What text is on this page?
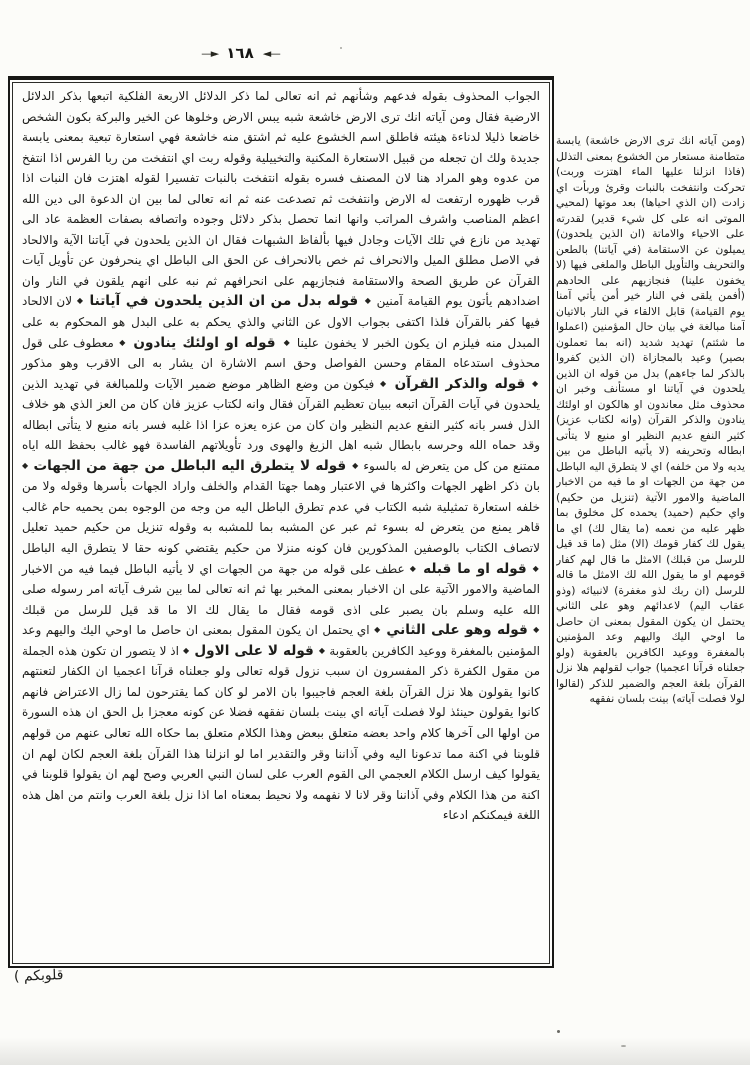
―► ١٦٨ ◄―
الجواب المحذوف بقوله فدعهم وشأنهم ثم انه تعالى لما ذكر الدلائل الاربعة الفلكية اتبعها بذكر الدلائل الارضية فقال ومن آياته انك ترى الارض خاشعة شبه يبس الارض وخلوها عن الخير والبركة بكون الشخص خاضعا ذليلا لدناءة هيئته فاطلق اسم الخشوع عليه ثم اشتق منه خاشعة فهي استعارة تبعية بمعنى يابسة جديدة ولك ان تجعله من قبيل الاستعارة المكنية والتخييلية وقوله ربت اي انتفخت من ربا الفرس اذا انتفخ من عدوه وهو المراد هنا لان المصنف فسره بقوله انتفخت بالنبات تفسيرا لقوله اهتزت فان النبات اذا قرب ظهوره ارتفعت له الارض وانتفخت ثم تصدعت عنه ثم انه تعالى لما بين ان الدعوة الى دين الله اعظم المناصب واشرف المراتب وانها انما تحصل بذكر دلائل وجوده واتصافه بصفات العظمة عاد الى تهديد من نازع في تلك الآيات وجادل فيها بألفاظ الشبهات فقال ان الذين يلحدون في آياتنا الآية والالحاد في الاصل مطلق الميل والانحراف ثم خص بالانحراف عن الحق الى الباطل اي ينحرفون عن تأويل آيات القرآن عن طريق الصحة والاستقامة فنجازيهم على انحرافهم ثم نبه على انهم يلقون في النار وان اضدادهم يأتون يوم القيامة آمنين ◆ قوله بدل من ان الذين يلحدون في آياتنا ◆ لان الالحاد فيها كفر بالقرآن فلذا اكتفى بجواب الاول عن الثاني والذي يحكم به على البدل هو المحكوم به على المبدل منه فيلزم ان يكون الخبر لا يخفون علينا ◆ قوله او اولئك ينادون ◆ معطوف على قول محذوف استدعاه المقام وحسن الفواصل وحق اسم الاشارة ان يشار به الى الاقرب وهو مذكور ◆ قوله والذكر القرآن ◆ فيكون من وضع الظاهر موضع ضمير الآيات وللمبالغة في تهديد الذين يلحدون في آيات القرآن اتبعه ببيان تعظيم القرآن فقال وانه لكتاب عزيز فان كان من العز الذي هو خلاف الذل فسر بانه كثير النفع عديم النظير وان كان من عزه يعزه عزا اذا غلبه فسر بانه منيع لا يتأتى ابطاله وقد حماه الله وحرسه بابطال شبه اهل الزيغ والهوى ورد تأويلاتهم الفاسدة فهو غالب بحفظ الله اياه ممتنع من كل من يتعرض له بالسوء ◆ قوله لا يتطرق اليه الباطل من جهة من الجهات ◆ بان ذكر اظهر الجهات واكثرها في الاعتبار وهما جهتا القدام والخلف واراد الجهات بأسرها وقوله ولا من خلفه استعارة تمثيلية شبه الكتاب في عدم تطرق الباطل اليه من وجه من الوجوه بمن يحميه حام غالب قاهر يمنع من يتعرض له بسوء ثم عبر عن المشبه بما للمشبه به وقوله تنزيل من حكيم حميد تعليل لاتصاف الكتاب بالوصفين المذكورين فان كونه منزلا من حكيم يقتضي كونه حقا لا يتطرق اليه الباطل ◆ قوله او ما قبله ◆ عطف على قوله من جهة من الجهات اي لا يأتيه الباطل فيما فيه من الاخبار الماضية والامور الآتية على ان الاخبار بمعنى المخبر بها ثم انه تعالى لما بين شرف آياته امر رسوله صلى الله عليه وسلم بان يصبر على اذى قومه فقال ما يقال لك الا ما قد قيل للرسل من قبلك ◆ قوله وهو على الثاني ◆ اي يحتمل ان يكون المقول بمعنى ان حاصل ما اوحي اليك واليهم وعد المؤمنين بالمغفرة ووعيد الكافرين بالعقوبة ◆ قوله لا على الاول ◆ اذ لا يتصور ان تكون هذه الجملة من مقول الكفرة ذكر المفسرون ان سبب نزول قوله تعالى ولو جعلناه قرآنا اعجميا ان الكفار لتعنتهم كانوا يقولون هلا نزل القرآن بلغة العجم فاجيبوا بان الامر لو كان كما يقترحون لما زال الاعتراض فانهم كانوا يقولون حينئذ لولا فصلت آياته اي بينت بلسان نفقهه فضلا عن كونه معجزا بل الحق ان هذه السورة من اولها الى آخرها كلام واحد بعضه متعلق ببعض وهذا الكلام متعلق بما حكاه الله تعالى عنهم من قولهم قلوبنا في اكنة مما تدعونا اليه وفي آذاننا وقر والتقدير اما لو انزلنا هذا القرآن بلغة العجم لكان لهم ان يقولوا كيف ارسل الكلام العجمي الى القوم العرب على لسان النبي العربي وصح لهم ان يقولوا قلوبنا في اكنة من هذا الكلام وفي آذاننا وقر لانا لا نفهمه ولا نحيط بمعناه اما اذا نزل بلغة العرب وانتم من اهل هذه اللغة فيمكنكم ادعاء
(ومن آياته انك ترى الارض خاشعة) يابسة متطامنة مستعار من الخشوع بمعنى التذلل (فاذا انزلنا عليها الماء اهتزت وربت) تحركت وانتفخت بالنبات وقرئ وربأت اي زادت (ان الذي احياها) بعد موتها (لمحيي الموتى انه على كل شيء قدير) لقدرته على الاحياء والاماتة (ان الذين يلحدون) يميلون عن الاستقامة (في آياتنا) بالطعن والتحريف والتأويل الباطل والملغى فيها (لا يخفون علينا) فنجازيهم على الحادهم (أفمن يلقى في النار خير أمن يأتي آمنا يوم القيامة) قابل الالقاء في النار بالاتيان آمنا مبالغة في بيان حال المؤمنين (اعملوا ما شئتم) تهديد شديد (انه بما تعملون بصير) وعيد بالمجازاة (ان الذين كفروا بالذكر لما جاءهم) بدل من قوله ان الذين يلحدون في آياتنا او مستأنف وخبر ان محذوف مثل معاندون او هالكون او اولئك ينادون والذكر القرآن (وانه لكتاب عزيز) كثير النفع عديم النظير او منيع لا يتأتى ابطاله وتحريفه (لا يأتيه الباطل من بين يديه ولا من خلفه) اي لا يتطرق اليه الباطل من جهة من الجهات او ما فيه من الاخبار الماضية والامور الآتية (تنزيل من حكيم) واي حكيم (حميد) يحمده كل مخلوق بما ظهر عليه من نعمه (ما يقال لك) اي ما يقول لك كفار قومك (الا) مثل (ما قد قيل للرسل من قبلك) الامثل ما قال لهم كفار قومهم او ما يقول الله لك الامثل ما قاله للرسل (ان ربك لذو مغفرة) لانبيائه (وذو عقاب اليم) لاعدائهم وهو على الثاني يحتمل ان يكون المقول بمعنى ان حاصل ما اوحي اليك واليهم وعد المؤمنين بالمغفرة ووعيد الكافرين بالعقوبة (ولو جعلناه قرآنا اعجميا) جواب لقولهم هلا نزل القرآن بلغة العجم والضمير للذكر (لقالوا لولا فصلت آياته) بينت بلسان نفقهه
( قلوبكم
